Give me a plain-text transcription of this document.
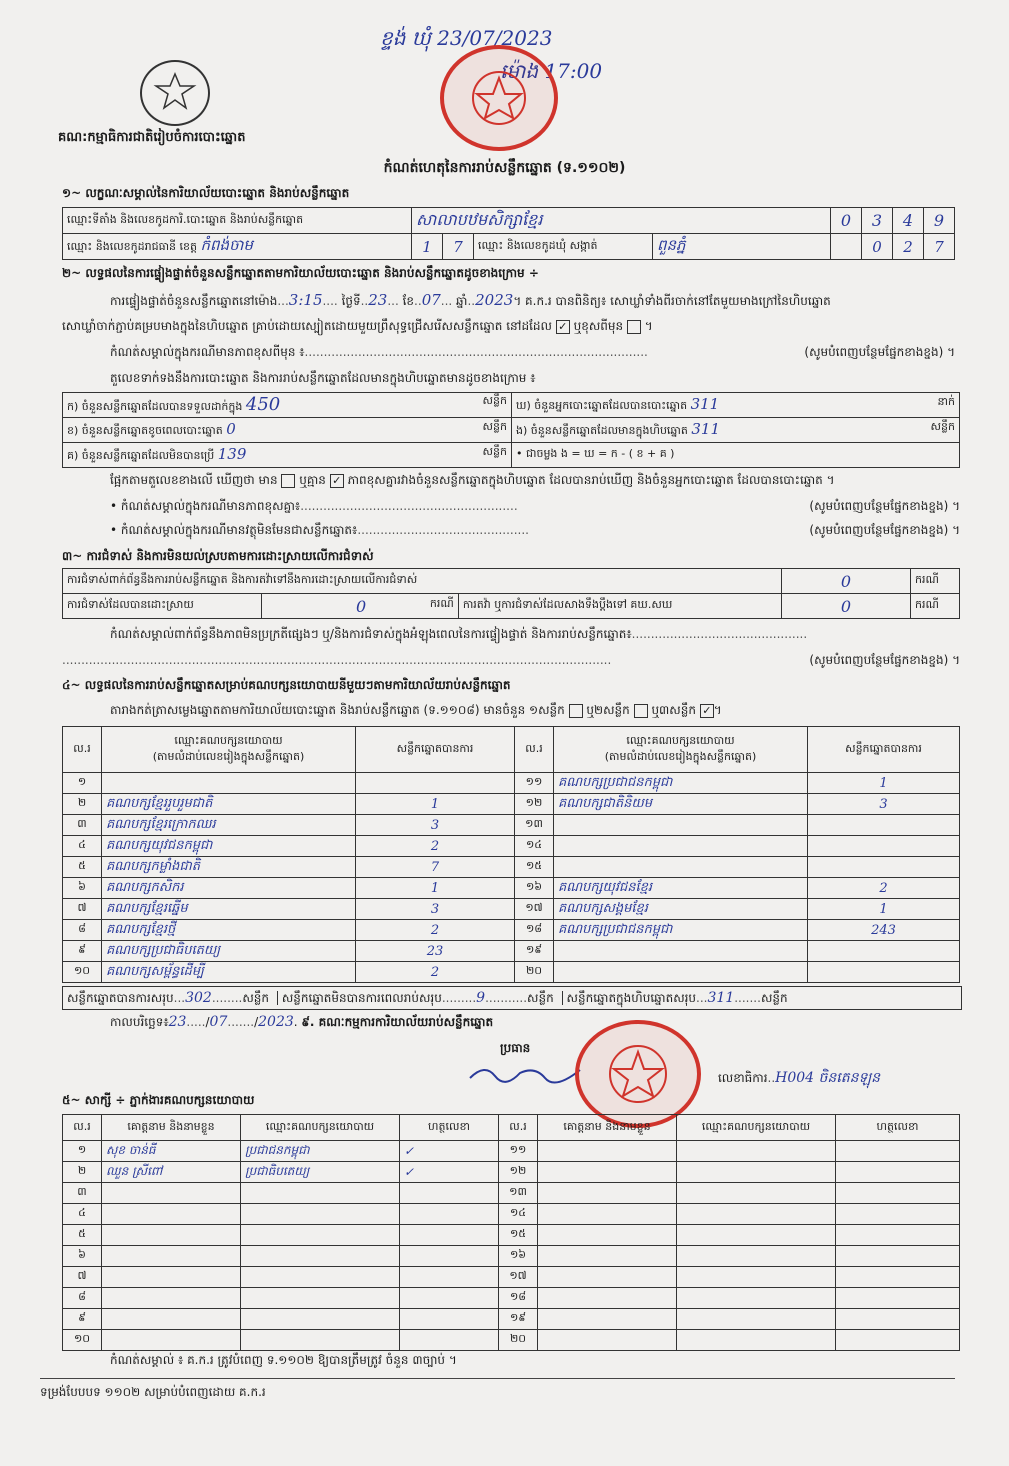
គណ:កម្មាធិការជាតិរៀបចំការបោះឆ្នោត
ខ្ទង់ ឃុំ 23/07/2023
ម៉ោង 17:00
កំណត់ហេតុនៃការរាប់សន្លឹកឆ្នោត (ទ.១១០២)
១~ លក្ខណៈសម្គាល់នៃការិយាល័យបោះឆ្នោត និងរាប់សន្លឹកឆ្នោត
ឈ្មោះទីតាំង និងលេខកូដការិ.បោះឆ្នោត និងរាប់សន្លឹកឆ្នោត	សាលាបឋមសិក្សាខ្មែរ				0	3	4	9
ឈ្មោះ និងលេខកូដរាជធានី ខេត្ត កំពង់ចាម	1	7	ឈ្មោះ និងលេខកូដឃុំ សង្កាត់	ពួនភ្នំ		0	2	7
២~ លទ្ធផលនៃការផ្ទៀងផ្ទាត់ចំនួនសន្លឹកឆ្នោតតាមការិយាល័យបោះឆ្នោត និងរាប់សន្លឹកឆ្នោតដូចខាងក្រោម ÷
ការផ្ទៀងផ្ទាត់ចំនួនសន្លឹកឆ្នោតនៅម៉ោង...3:15.... ថ្ងៃទី..23... ខែ..07... ឆ្នាំ..2023។ គ.ក.រ បានពិនិត្យ៖ សោឃ្លាំទាំងពីរចាក់នៅតែមួយមាងក្រៅនៃហិបឆ្នោត
សោឃ្លាំចាក់ភ្ជាប់គម្របមាងក្នុងនៃហិបឆ្នោត គ្រាប់ដោយស្បៀតដោយមួយព្រឹសុទ្ធជ្រើសរើសសន្លឹកឆ្នោត នៅដដែល ✓ ឬខុសពីមុន ។
កំណត់សម្គាល់ក្នុងករណីមានភាពខុសពីមុន ៖..........................................................................................	(សូមបំពេញបន្ថែមផ្នែកខាងខ្នង) ។
តួលេខទាក់ទងនឹងការបោះឆ្នោត និងការរាប់សន្លឹកឆ្នោតដែលមានក្នុងហិបឆ្នោតមានដូចខាងក្រោម ៖
ក) ចំនួនសន្លឹកឆ្នោតដែលបានទទួលដាក់ក្នុង 450 សន្លឹក	ឃ) ចំនួនអ្នកបោះឆ្នោតដែលបានបោះឆ្នោត 311 នាក់

ខ) ចំនួនសន្លឹកឆ្នោតខូចពេលបោះឆ្នោត 0 សន្លឹក	ង) ចំនួនសន្លឹកឆ្នោតដែលមានក្នុងហិបឆ្នោត 311 សន្លឹក

គ) ចំនួនសន្លឹកឆ្នោតដែលមិនបានប្រើ 139 សន្លឹក	• ជាចម្លង ង = ឃ = ក - ( ខ + គ )
ផ្អែកតាមតួលេខខាងលើ ឃើញថា មាន ឬគ្មាន ✓ ភាពខុសគ្នារវាងចំនួនសន្លឹកឆ្នោតក្នុងហិបឆ្នោត ដែលបានរាប់ឃើញ និងចំនួនអ្នកបោះឆ្នោត ដែលបានបោះឆ្នោត ។
• កំណត់សម្គាល់ក្នុងករណីមានភាពខុសគ្នា៖.........................................................	(សូមបំពេញបន្ថែមផ្នែកខាងខ្នង) ។
• កំណត់សម្គាល់ក្នុងករណីមានវត្ថុមិនមែនជាសន្លឹកឆ្នោត៖.............................................	(សូមបំពេញបន្ថែមផ្នែកខាងខ្នង) ។
៣~ ការជំទាស់ និងការមិនយល់ស្របតាមការដោះស្រាយលើការជំទាស់
ការជំទាស់ពាក់ព័ន្ធនឹងការរាប់សន្លឹកឆ្នោត និងការតវ៉ាទៅនឹងការដោះស្រាយលើការជំទាស់			0	ករណី
ការជំទាស់ដែលបានដោះស្រាយ	0 ករណី	ការតវ៉ា ឬការជំទាស់ដែលសាងទឹងប្តឹងទៅ គឃ.សឃ	0	ករណី
កំណត់សម្គាល់ពាក់ព័ន្ធនឹងភាពមិនប្រក្រតីផ្សេងៗ ឬ/និងការជំទាស់ក្នុងអំឡុងពេលនៃការផ្ទៀងផ្ទាត់ និងការរាប់សន្លឹកឆ្នោត៖..............................................
................................................................................................................................................	(សូមបំពេញបន្ថែមផ្នែកខាងខ្នង) ។
៤~ លទ្ធផលនៃការរាប់សន្លឹកឆ្នោតសម្រាប់គណបក្សនយោបាយនីមួយៗតាមការិយាល័យរាប់សន្លឹកឆ្នោត
តារាងកត់ត្រាសម្លេងឆ្នោតតាមការិយាល័យបោះឆ្នោត និងរាប់សន្លឹកឆ្នោត (ទ.១១០៨) មានចំនួន ១សន្លឹក ឬ២សន្លឹក ឬ៣សន្លឹក ✓ ។
ល.រ	ឈ្មោះគណបក្សនយោបាយ
(តាមលំដាប់លេខរៀងក្នុងសន្លឹកឆ្នោត)	សន្លឹកឆ្នោតបានការ	ល.រ	ឈ្មោះគណបក្សនយោបាយ
(តាមលំដាប់លេខរៀងក្នុងសន្លឹកឆ្នោត)	សន្លឹកឆ្នោតបានការ
១			១១	គណបក្សប្រជាជនកម្ពុជា	1
២	គណបក្សខ្មែររួបរួមជាតិ	1	១២	គណបក្សជាតិនិយម	3
៣	គណបក្សខ្មែរក្រោកឈរ	3	១៣		
៤	គណបក្សយុវជនកម្ពុជា	2	១៤		
៥	គណបក្សកម្លាំងជាតិ	7	១៥		
៦	គណបក្សកសិករ	1	១៦	គណបក្សយុវជនខ្មែរ	2
៧	គណបក្សខ្មែរឆ្នើម	3	១៧	គណបក្សសង្គមខ្មែរ	1
៨	គណបក្សខ្មែរថ្មី	2	១៨	គណបក្សប្រជាជនកម្ពុជា	243
៩	គណបក្សប្រជាធិបតេយ្យ	23	១៩		
១០	គណបក្សសម្ព័ន្ធដើម្បី	2	២០		
សន្លឹកឆ្នោតបានការសរុប...302........សន្លឹក សន្លឹកឆ្នោតមិនបានការពេលរាប់សរុប.........9...........សន្លឹក សន្លឹកឆ្នោតក្នុងហិបឆ្នោតសរុប...311.......សន្លឹក
កាលបរិច្ឆេទ៖23...../07......./2023. ៩. គណៈកម្មការការិយាល័យរាប់សន្លឹកឆ្នោត
ប្រធាន
លេខាធិការ..H004 ចិនតេនឡុន
៥~ សាក្សី ÷ ភ្នាក់ងារគណបក្សនយោបាយ
ល.រ	គោត្តនាម និងនាមខ្លួន	ឈ្មោះគណបក្សនយោបាយ	ហត្ថលេខា	ល.រ	គោត្តនាម និងនាមខ្លួន	ឈ្មោះគណបក្សនយោបាយ	ហត្ថលេខា
១	សុខ ចាន់ធី	ប្រជាជនកម្ពុជា	✓	១១			
២	ឈួន ស្រីពៅ	ប្រជាធិបតេយ្យ	✓	១២			
៣				១៣			
៤				១៤			
៥				១៥			
៦				១៦			
៧				១៧			
៨				១៨			
៩				១៩			
១០				២០			
កំណត់សម្គាល់ ៖ គ.ក.រ ត្រូវបំពេញ ទ.១១០២ ឱ្យបានត្រឹមត្រូវ ចំនួន ៣ច្បាប់ ។
ទម្រង់បែបបទ ១១០២ សម្រាប់បំពេញដោយ គ.ក.រ
